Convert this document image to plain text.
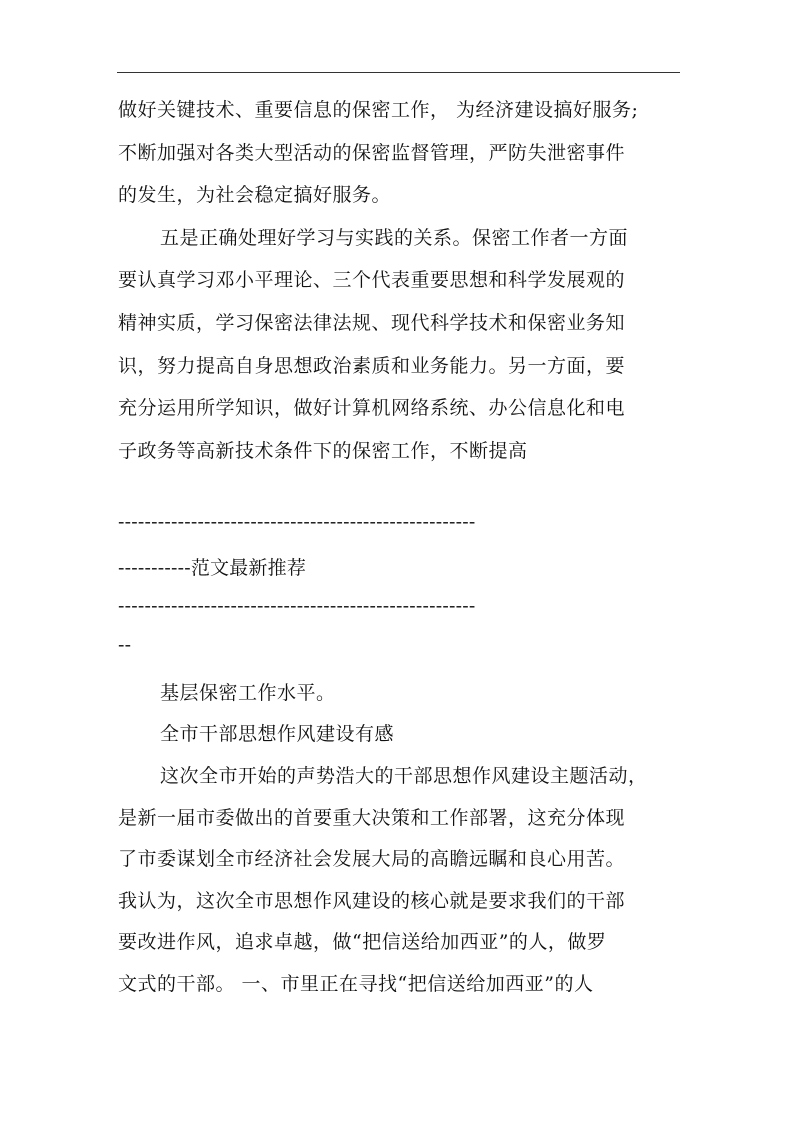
做好关键技术、重要信息的保密工作， 为经济建设搞好服务;
不断加强对各类大型活动的保密监督管理，严防失泄密事件
的发生，为社会稳定搞好服务。
五是正确处理好学习与实践的关系。保密工作者一方面
要认真学习邓小平理论、三个代表重要思想和科学发展观的
精神实质，学习保密法律法规、现代科学技术和保密业务知
识，努力提高自身思想政治素质和业务能力。另一方面，要
充分运用所学知识，做好计算机网络系统、办公信息化和电
子政务等高新技术条件下的保密工作，不断提高
------------------------------------------------------
-----------范文最新推荐
------------------------------------------------------
--
基层保密工作水平。
全市干部思想作风建设有感
这次全市开始的声势浩大的干部思想作风建设主题活动，
是新一届市委做出的首要重大决策和工作部署，这充分体现
了市委谋划全市经济社会发展大局的高瞻远瞩和良心用苦。
我认为，这次全市思想作风建设的核心就是要求我们的干部
要改进作风，追求卓越，做“把信送给加西亚”的人，做罗
文式的干部。 一、市里正在寻找“把信送给加西亚”的人
